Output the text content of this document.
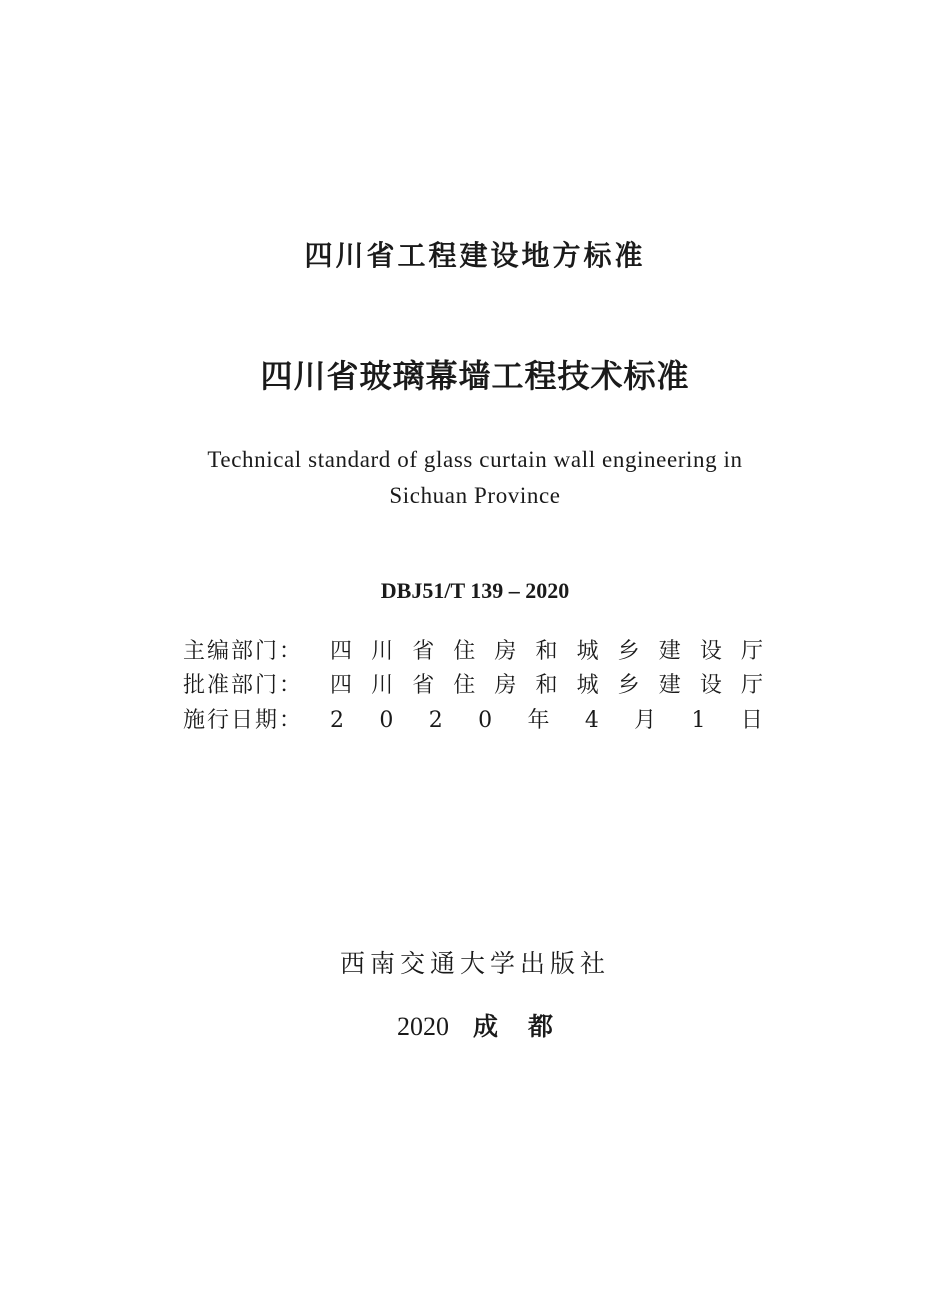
四川省工程建设地方标准
四川省玻璃幕墙工程技术标准
Technical standard of glass curtain wall engineering in
Sichuan Province
DBJ51/T 139 – 2020
主编部门： 四 川 省 住 房 和 城 乡 建 设 厅
批准部门： 四 川 省 住 房 和 城 乡 建 设 厅
施行日期： 2 0 2 0 年 4 月 1 日
西南交通大学出版社
2020 成都
